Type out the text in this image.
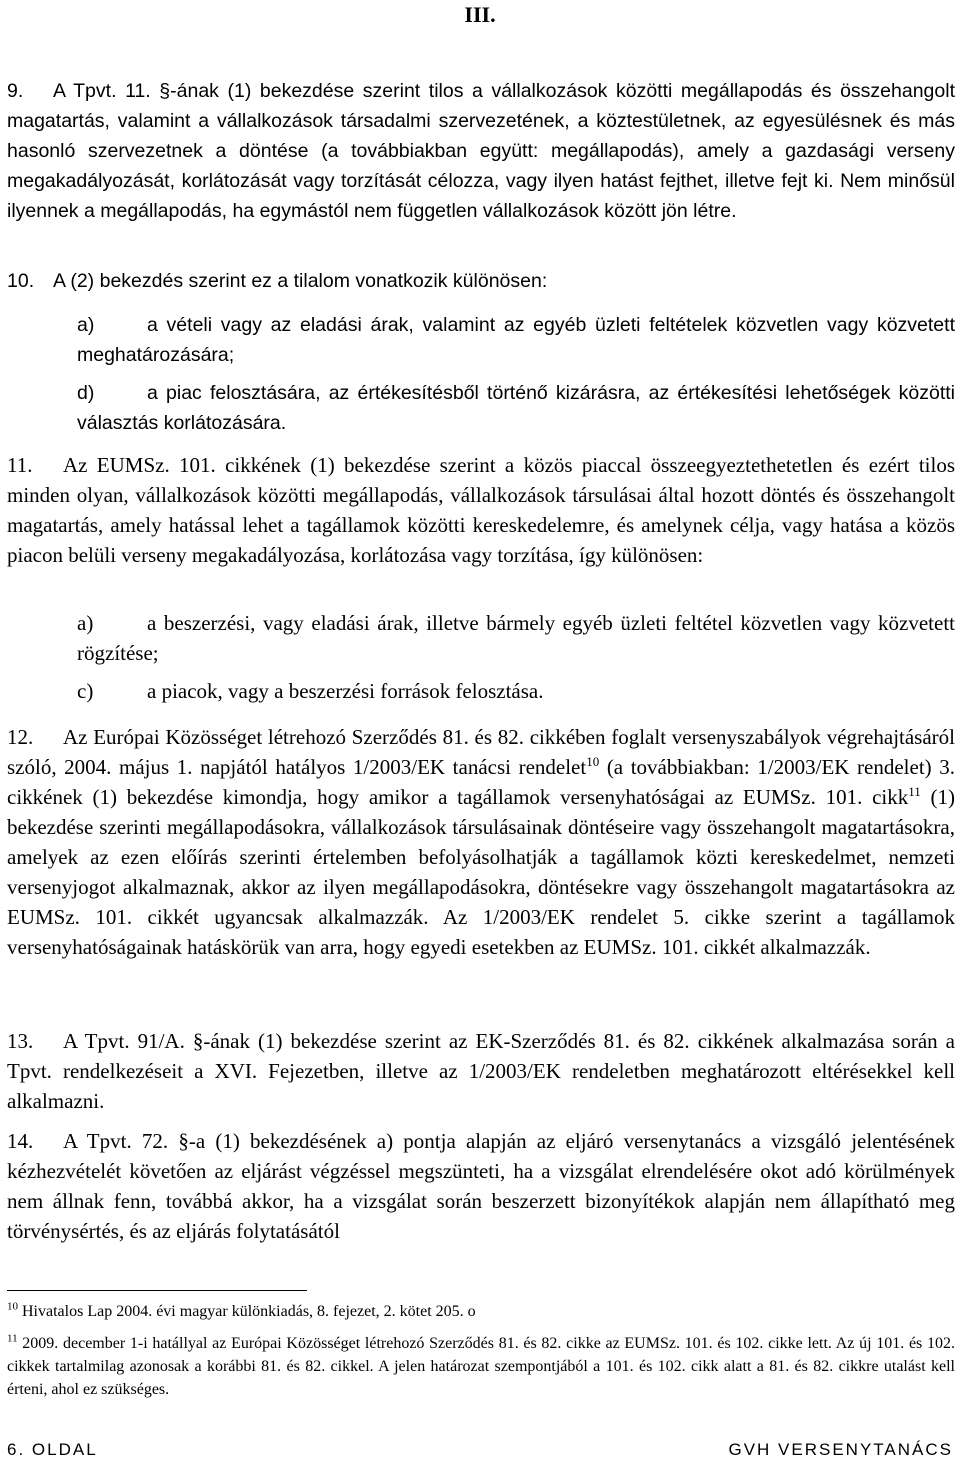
III.
9. A Tpvt. 11. §-ának (1) bekezdése szerint tilos a vállalkozások közötti megállapodás és összehangolt magatartás, valamint a vállalkozások társadalmi szervezetének, a köztestületnek, az egyesülésnek és más hasonló szervezetnek a döntése (a továbbiakban együtt: megállapodás), amely a gazdasági verseny megakadályozását, korlátozását vagy torzítását célozza, vagy ilyen hatást fejthet, illetve fejt ki. Nem minősül ilyennek a megállapodás, ha egymástól nem független vállalkozások között jön létre.
10. A (2) bekezdés szerint ez a tilalom vonatkozik különösen:
a)	a vételi vagy az eladási árak, valamint az egyéb üzleti feltételek közvetlen vagy közvetett meghatározására;
d)	a piac felosztására, az értékesítésből történő kizárásra, az értékesítési lehetőségek közötti választás korlátozására.
11. Az EUMSz. 101. cikkének (1) bekezdése szerint a közös piaccal összeegyeztethetetlen és ezért tilos minden olyan, vállalkozások közötti megállapodás, vállalkozások társulásai által hozott döntés és összehangolt magatartás, amely hatással lehet a tagállamok közötti kereskedelemre, és amelynek célja, vagy hatása a közös piacon belüli verseny megakadályozása, korlátozása vagy torzítása, így különösen:
a)	a beszerzési, vagy eladási árak, illetve bármely egyéb üzleti feltétel közvetlen vagy közvetett rögzítése;
c)	a piacok, vagy a beszerzési források felosztása.
12. Az Európai Közösséget létrehozó Szerződés 81. és 82. cikkében foglalt versenyszabályok végrehajtásáról szóló, 2004. május 1. napjától hatályos 1/2003/EK tanácsi rendelet$^{10}$ (a továbbiakban: 1/2003/EK rendelet) 3. cikkének (1) bekezdése kimondja, hogy amikor a tagállamok versenyhatóságai az EUMSz. 101. cikk$^{11}$ (1) bekezdése szerinti megállapodásokra, vállalkozások társulásainak döntéseire vagy összehangolt magatartásokra, amelyek az ezen előírás szerinti értelemben befolyásolhatják a tagállamok közti kereskedelmet, nemzeti versenyjogot alkalmaznak, akkor az ilyen megállapodásokra, döntésekre vagy összehangolt magatartásokra az EUMSz. 101. cikkét ugyancsak alkalmazzák. Az 1/2003/EK rendelet 5. cikke szerint a tagállamok versenyhatóságainak hatáskörük van arra, hogy egyedi esetekben az EUMSz. 101. cikkét alkalmazzák.
13. A Tpvt. 91/A. §-ának (1) bekezdése szerint az EK-Szerződés 81. és 82. cikkének alkalmazása során a Tpvt. rendelkezéseit a XVI. Fejezetben, illetve az 1/2003/EK rendeletben meghatározott eltérésekkel kell alkalmazni.
14. A Tpvt. 72. §-a (1) bekezdésének a) pontja alapján az eljáró versenytanács a vizsgáló jelentésének kézhezvételét követően az eljárást végzéssel megszünteti, ha a vizsgálat elrendelésére okot adó körülmények nem állnak fenn, továbbá akkor, ha a vizsgálat során beszerzett bizonyítékok alapján nem állapítható meg törvénysértés, és az eljárás folytatásától
$^{10}$ Hivatalos Lap 2004. évi magyar különkiadás, 8. fejezet, 2. kötet 205. o
$^{11}$ 2009. december 1-i hatállyal az Európai Közösséget létrehozó Szerződés 81. és 82. cikke az EUMSz. 101. és 102. cikke lett. Az új 101. és 102. cikkek tartalmilag azonosak a korábbi 81. és 82. cikkel. A jelen határozat szempontjából a 101. és 102. cikk alatt a 81. és 82. cikkre utalást kell érteni, ahol ez szükséges.
6. OLDAL	GVH VERSENYTANÁCS
